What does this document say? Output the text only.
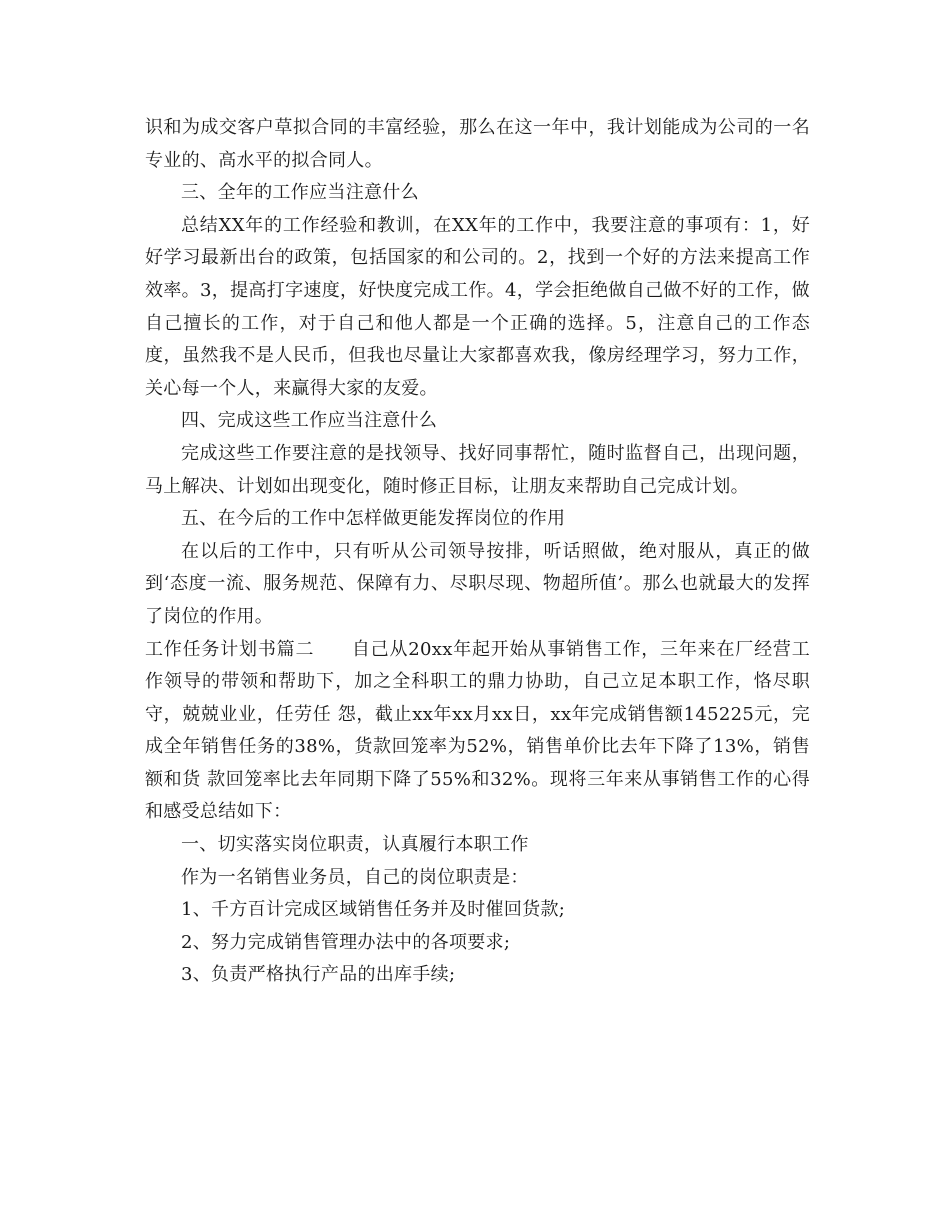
识和为成交客户草拟合同的丰富经验，那么在这一年中，我计划能成为公司的一名专业的、高水平的拟合同人。

三、全年的工作应当注意什么

总结XX年的工作经验和教训，在XX年的工作中，我要注意的事项有：1，好好学习最新出台的政策，包括国家的和公司的。2，找到一个好的方法来提高工作效率。3，提高打字速度，好快度完成工作。4，学会拒绝做自己做不好的工作，做自己擅长的工作，对于自己和他人都是一个正确的选择。5，注意自己的工作态度，虽然我不是人民币，但我也尽量让大家都喜欢我，像房经理学习，努力工作，关心每一个人，来赢得大家的友爱。

四、完成这些工作应当注意什么

完成这些工作要注意的是找领导、找好同事帮忙，随时监督自己，出现问题，马上解决、计划如出现变化，随时修正目标，让朋友来帮助自己完成计划。

五、在今后的工作中怎样做更能发挥岗位的作用

在以后的工作中，只有听从公司领导按排，听话照做，绝对服从，真正的做到‘态度一流、服务规范、保障有力、尽职尽现、物超所值’。那么也就最大的发挥了岗位的作用。

工作任务计划书篇二　　自己从20xx年起开始从事销售工作，三年来在厂经营工作领导的带领和帮助下，加之全科职工的鼎力协助，自己立足本职工作，恪尽职守，兢兢业业，任劳任 怨，截止xx年xx月xx日，xx年完成销售额145225元，完成全年销售任务的38%，货款回笼率为52%，销售单价比去年下降了13%，销售额和货 款回笼率比去年同期下降了55%和32%。现将三年来从事销售工作的心得和感受总结如下：

一、切实落实岗位职责，认真履行本职工作

作为一名销售业务员，自己的岗位职责是：

1、千方百计完成区域销售任务并及时催回货款;

2、努力完成销售管理办法中的各项要求;

3、负责严格执行产品的出库手续;
